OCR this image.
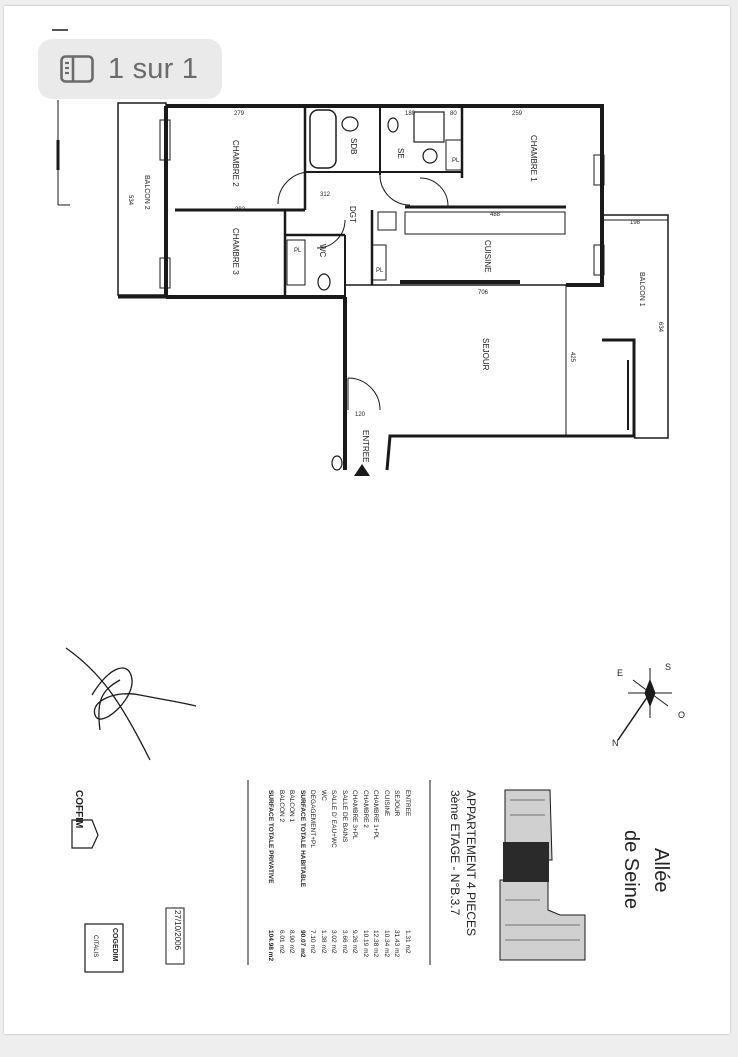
CHAMBRE 1
CHAMBRE 2
CHAMBRE 3
BALCON 2
BALCON 1
SDB	SE
DGT
WC	CUISINE
SEJOUR
ENTREE
279	180	80	259
312
382
488
706
120
198
634
534
425
PL
PL
PL
E
S
O
N
Allée
de Seine
APPARTEMENT 4 PIECES
3ème ETAGE - N°B.3.7
ENTREE
1.31 m2
SEJOUR
31.43 m2
CUISINE
10.34 m2
CHAMBRE 1+PL
12.38 m2
CHAMBRE 2
10.19 m2
CHAMBRE 3+PL
9.26 m2
SALLE DE BAINS
3.66 m2
SALLE D' EAU+WC
3.02 m2
WC
1.38 m2
DEGAGEMENT+PL
7.10 m2
SURFACE TOTALE HABITABLE
90.07 m2
BALCON 1
8.90 m2
BALCON 2
6.01 m2
SURFACE TOTALE PRIVATIVE
104.98 m2
27/10/2006
COFFIM
COGEDIM
CITALIS
1 sur 1
